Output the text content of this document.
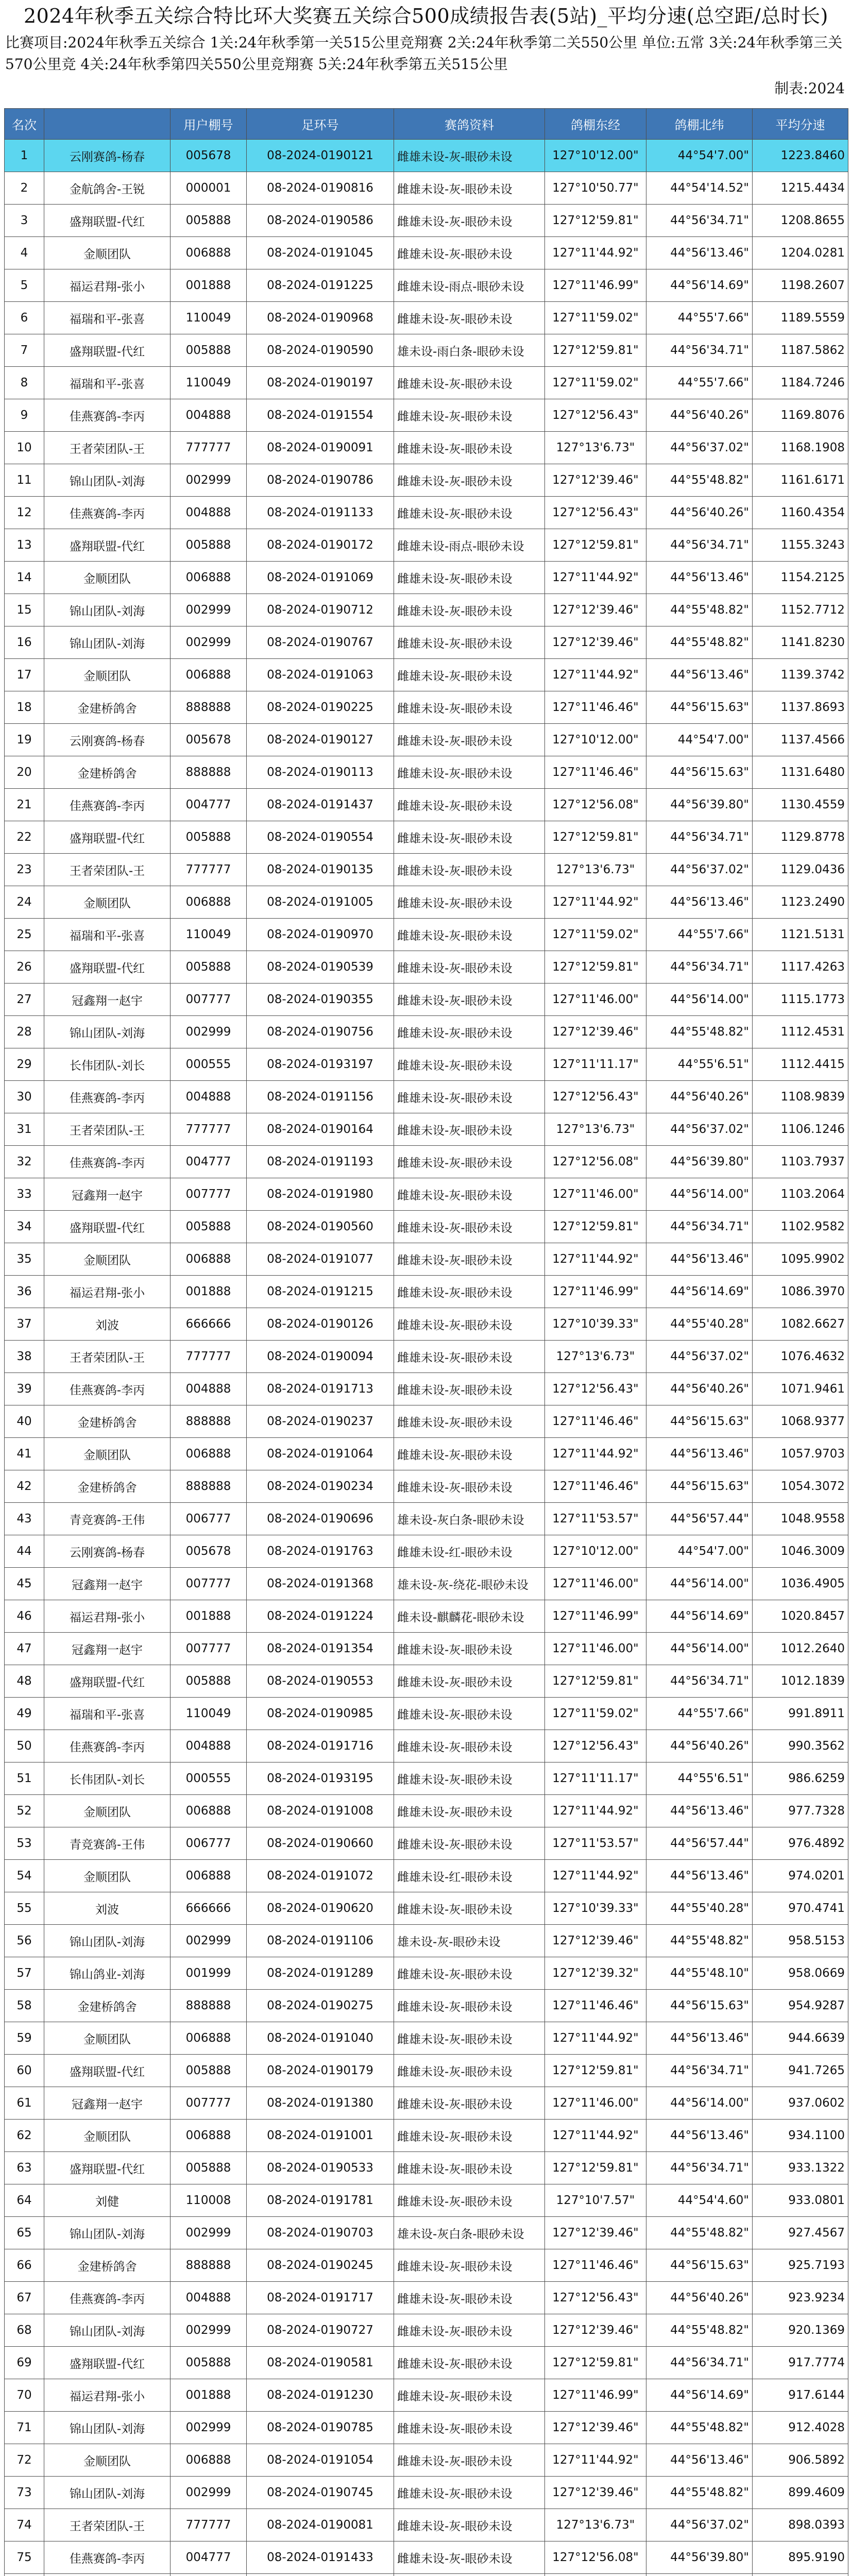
2024年秋季五关综合特比环大奖赛五关综合500成绩报告表(5站)_平均分速(总空距/总时长)
比赛项目:2024年秋季五关综合 1关:24年秋季第一关515公里竞翔赛 2关:24年秋季第二关550公里 单位:五常 3关:24年秋季第三关570公里竞 4关:24年秋季第四关550公里竞翔赛 5关:24年秋季第五关515公里
制表:2024
名次		用户棚号	足环号	赛鸽资料	鸽棚东经	鸽棚北纬	平均分速
1	云刚赛鸽-杨春	005678	08-2024-0190121	雌雄未设-灰-眼砂未设	127°10'12.00"	44°54'7.00"	1223.8460
2	金航鸽舍-王锐	000001	08-2024-0190816	雌雄未设-灰-眼砂未设	127°10'50.77"	44°54'14.52"	1215.4434
3	盛翔联盟-代红	005888	08-2024-0190586	雌雄未设-灰-眼砂未设	127°12'59.81"	44°56'34.71"	1208.8655
4	金顺团队	006888	08-2024-0191045	雌雄未设-灰-眼砂未设	127°11'44.92"	44°56'13.46"	1204.0281
5	福运君翔-张小	001888	08-2024-0191225	雌雄未设-雨点-眼砂未设	127°11'46.99"	44°56'14.69"	1198.2607
6	福瑞和平-张喜	110049	08-2024-0190968	雌雄未设-灰-眼砂未设	127°11'59.02"	44°55'7.66"	1189.5559
7	盛翔联盟-代红	005888	08-2024-0190590	雄未设-雨白条-眼砂未设	127°12'59.81"	44°56'34.71"	1187.5862
8	福瑞和平-张喜	110049	08-2024-0190197	雌雄未设-灰-眼砂未设	127°11'59.02"	44°55'7.66"	1184.7246
9	佳燕赛鸽-李丙	004888	08-2024-0191554	雌雄未设-灰-眼砂未设	127°12'56.43"	44°56'40.26"	1169.8076
10	王者荣团队-王	777777	08-2024-0190091	雌雄未设-灰-眼砂未设	127°13'6.73"	44°56'37.02"	1168.1908
11	锦山团队-刘海	002999	08-2024-0190786	雌雄未设-灰-眼砂未设	127°12'39.46"	44°55'48.82"	1161.6171
12	佳燕赛鸽-李丙	004888	08-2024-0191133	雌雄未设-灰-眼砂未设	127°12'56.43"	44°56'40.26"	1160.4354
13	盛翔联盟-代红	005888	08-2024-0190172	雌雄未设-雨点-眼砂未设	127°12'59.81"	44°56'34.71"	1155.3243
14	金顺团队	006888	08-2024-0191069	雌雄未设-灰-眼砂未设	127°11'44.92"	44°56'13.46"	1154.2125
15	锦山团队-刘海	002999	08-2024-0190712	雌雄未设-灰-眼砂未设	127°12'39.46"	44°55'48.82"	1152.7712
16	锦山团队-刘海	002999	08-2024-0190767	雌雄未设-灰-眼砂未设	127°12'39.46"	44°55'48.82"	1141.8230
17	金顺团队	006888	08-2024-0191063	雌雄未设-灰-眼砂未设	127°11'44.92"	44°56'13.46"	1139.3742
18	金建桥鸽舍	888888	08-2024-0190225	雌雄未设-灰-眼砂未设	127°11'46.46"	44°56'15.63"	1137.8693
19	云刚赛鸽-杨春	005678	08-2024-0190127	雌雄未设-灰-眼砂未设	127°10'12.00"	44°54'7.00"	1137.4566
20	金建桥鸽舍	888888	08-2024-0190113	雌雄未设-灰-眼砂未设	127°11'46.46"	44°56'15.63"	1131.6480
21	佳燕赛鸽-李丙	004777	08-2024-0191437	雌雄未设-灰-眼砂未设	127°12'56.08"	44°56'39.80"	1130.4559
22	盛翔联盟-代红	005888	08-2024-0190554	雌雄未设-灰-眼砂未设	127°12'59.81"	44°56'34.71"	1129.8778
23	王者荣团队-王	777777	08-2024-0190135	雌雄未设-灰-眼砂未设	127°13'6.73"	44°56'37.02"	1129.0436
24	金顺团队	006888	08-2024-0191005	雌雄未设-灰-眼砂未设	127°11'44.92"	44°56'13.46"	1123.2490
25	福瑞和平-张喜	110049	08-2024-0190970	雌雄未设-灰-眼砂未设	127°11'59.02"	44°55'7.66"	1121.5131
26	盛翔联盟-代红	005888	08-2024-0190539	雌雄未设-灰-眼砂未设	127°12'59.81"	44°56'34.71"	1117.4263
27	冠鑫翔一赵宇	007777	08-2024-0190355	雌雄未设-灰-眼砂未设	127°11'46.00"	44°56'14.00"	1115.1773
28	锦山团队-刘海	002999	08-2024-0190756	雌雄未设-灰-眼砂未设	127°12'39.46"	44°55'48.82"	1112.4531
29	长伟团队-刘长	000555	08-2024-0193197	雌雄未设-灰-眼砂未设	127°11'11.17"	44°55'6.51"	1112.4415
30	佳燕赛鸽-李丙	004888	08-2024-0191156	雌雄未设-灰-眼砂未设	127°12'56.43"	44°56'40.26"	1108.9839
31	王者荣团队-王	777777	08-2024-0190164	雌雄未设-灰-眼砂未设	127°13'6.73"	44°56'37.02"	1106.1246
32	佳燕赛鸽-李丙	004777	08-2024-0191193	雌雄未设-灰-眼砂未设	127°12'56.08"	44°56'39.80"	1103.7937
33	冠鑫翔一赵宇	007777	08-2024-0191980	雌雄未设-灰-眼砂未设	127°11'46.00"	44°56'14.00"	1103.2064
34	盛翔联盟-代红	005888	08-2024-0190560	雌雄未设-灰-眼砂未设	127°12'59.81"	44°56'34.71"	1102.9582
35	金顺团队	006888	08-2024-0191077	雌雄未设-灰-眼砂未设	127°11'44.92"	44°56'13.46"	1095.9902
36	福运君翔-张小	001888	08-2024-0191215	雌雄未设-灰-眼砂未设	127°11'46.99"	44°56'14.69"	1086.3970
37	刘波	666666	08-2024-0190126	雌雄未设-灰-眼砂未设	127°10'39.33"	44°55'40.28"	1082.6627
38	王者荣团队-王	777777	08-2024-0190094	雌雄未设-灰-眼砂未设	127°13'6.73"	44°56'37.02"	1076.4632
39	佳燕赛鸽-李丙	004888	08-2024-0191713	雌雄未设-灰-眼砂未设	127°12'56.43"	44°56'40.26"	1071.9461
40	金建桥鸽舍	888888	08-2024-0190237	雌雄未设-灰-眼砂未设	127°11'46.46"	44°56'15.63"	1068.9377
41	金顺团队	006888	08-2024-0191064	雌雄未设-灰-眼砂未设	127°11'44.92"	44°56'13.46"	1057.9703
42	金建桥鸽舍	888888	08-2024-0190234	雌雄未设-灰-眼砂未设	127°11'46.46"	44°56'15.63"	1054.3072
43	青竞赛鸽-王伟	006777	08-2024-0190696	雄未设-灰白条-眼砂未设	127°11'53.57"	44°56'57.44"	1048.9558
44	云刚赛鸽-杨春	005678	08-2024-0191763	雌雄未设-红-眼砂未设	127°10'12.00"	44°54'7.00"	1046.3009
45	冠鑫翔一赵宇	007777	08-2024-0191368	雄未设-灰-绕花-眼砂未设	127°11'46.00"	44°56'14.00"	1036.4905
46	福运君翔-张小	001888	08-2024-0191224	雌未设-麒麟花-眼砂未设	127°11'46.99"	44°56'14.69"	1020.8457
47	冠鑫翔一赵宇	007777	08-2024-0191354	雌雄未设-灰-眼砂未设	127°11'46.00"	44°56'14.00"	1012.2640
48	盛翔联盟-代红	005888	08-2024-0190553	雌雄未设-灰-眼砂未设	127°12'59.81"	44°56'34.71"	1012.1839
49	福瑞和平-张喜	110049	08-2024-0190985	雌雄未设-灰-眼砂未设	127°11'59.02"	44°55'7.66"	991.8911
50	佳燕赛鸽-李丙	004888	08-2024-0191716	雌雄未设-灰-眼砂未设	127°12'56.43"	44°56'40.26"	990.3562
51	长伟团队-刘长	000555	08-2024-0193195	雌雄未设-灰-眼砂未设	127°11'11.17"	44°55'6.51"	986.6259
52	金顺团队	006888	08-2024-0191008	雌雄未设-灰-眼砂未设	127°11'44.92"	44°56'13.46"	977.7328
53	青竞赛鸽-王伟	006777	08-2024-0190660	雌雄未设-灰-眼砂未设	127°11'53.57"	44°56'57.44"	976.4892
54	金顺团队	006888	08-2024-0191072	雌雄未设-红-眼砂未设	127°11'44.92"	44°56'13.46"	974.0201
55	刘波	666666	08-2024-0190620	雌雄未设-灰-眼砂未设	127°10'39.33"	44°55'40.28"	970.4741
56	锦山团队-刘海	002999	08-2024-0191106	雄未设-灰-眼砂未设	127°12'39.46"	44°55'48.82"	958.5153
57	锦山鸽业-刘海	001999	08-2024-0191289	雌雄未设-灰-眼砂未设	127°12'39.32"	44°55'48.10"	958.0669
58	金建桥鸽舍	888888	08-2024-0190275	雌雄未设-灰-眼砂未设	127°11'46.46"	44°56'15.63"	954.9287
59	金顺团队	006888	08-2024-0191040	雌雄未设-灰-眼砂未设	127°11'44.92"	44°56'13.46"	944.6639
60	盛翔联盟-代红	005888	08-2024-0190179	雌雄未设-灰-眼砂未设	127°12'59.81"	44°56'34.71"	941.7265
61	冠鑫翔一赵宇	007777	08-2024-0191380	雌雄未设-灰-眼砂未设	127°11'46.00"	44°56'14.00"	937.0602
62	金顺团队	006888	08-2024-0191001	雌雄未设-灰-眼砂未设	127°11'44.92"	44°56'13.46"	934.1100
63	盛翔联盟-代红	005888	08-2024-0190533	雌雄未设-灰-眼砂未设	127°12'59.81"	44°56'34.71"	933.1322
64	刘健	110008	08-2024-0191781	雌雄未设-灰-眼砂未设	127°10'7.57"	44°54'4.60"	933.0801
65	锦山团队-刘海	002999	08-2024-0190703	雄未设-灰白条-眼砂未设	127°12'39.46"	44°55'48.82"	927.4567
66	金建桥鸽舍	888888	08-2024-0190245	雌雄未设-灰-眼砂未设	127°11'46.46"	44°56'15.63"	925.7193
67	佳燕赛鸽-李丙	004888	08-2024-0191717	雌雄未设-灰-眼砂未设	127°12'56.43"	44°56'40.26"	923.9234
68	锦山团队-刘海	002999	08-2024-0190727	雌雄未设-灰-眼砂未设	127°12'39.46"	44°55'48.82"	920.1369
69	盛翔联盟-代红	005888	08-2024-0190581	雌雄未设-灰-眼砂未设	127°12'59.81"	44°56'34.71"	917.7774
70	福运君翔-张小	001888	08-2024-0191230	雌雄未设-灰-眼砂未设	127°11'46.99"	44°56'14.69"	917.6144
71	锦山团队-刘海	002999	08-2024-0190785	雌雄未设-灰-眼砂未设	127°12'39.46"	44°55'48.82"	912.4028
72	金顺团队	006888	08-2024-0191054	雌雄未设-灰-眼砂未设	127°11'44.92"	44°56'13.46"	906.5892
73	锦山团队-刘海	002999	08-2024-0190745	雌雄未设-灰-眼砂未设	127°12'39.46"	44°55'48.82"	899.4609
74	王者荣团队-王	777777	08-2024-0190081	雌雄未设-灰-眼砂未设	127°13'6.73"	44°56'37.02"	898.0393
75	佳燕赛鸽-李丙	004777	08-2024-0191433	雌雄未设-灰-眼砂未设	127°12'56.08"	44°56'39.80"	895.9190
